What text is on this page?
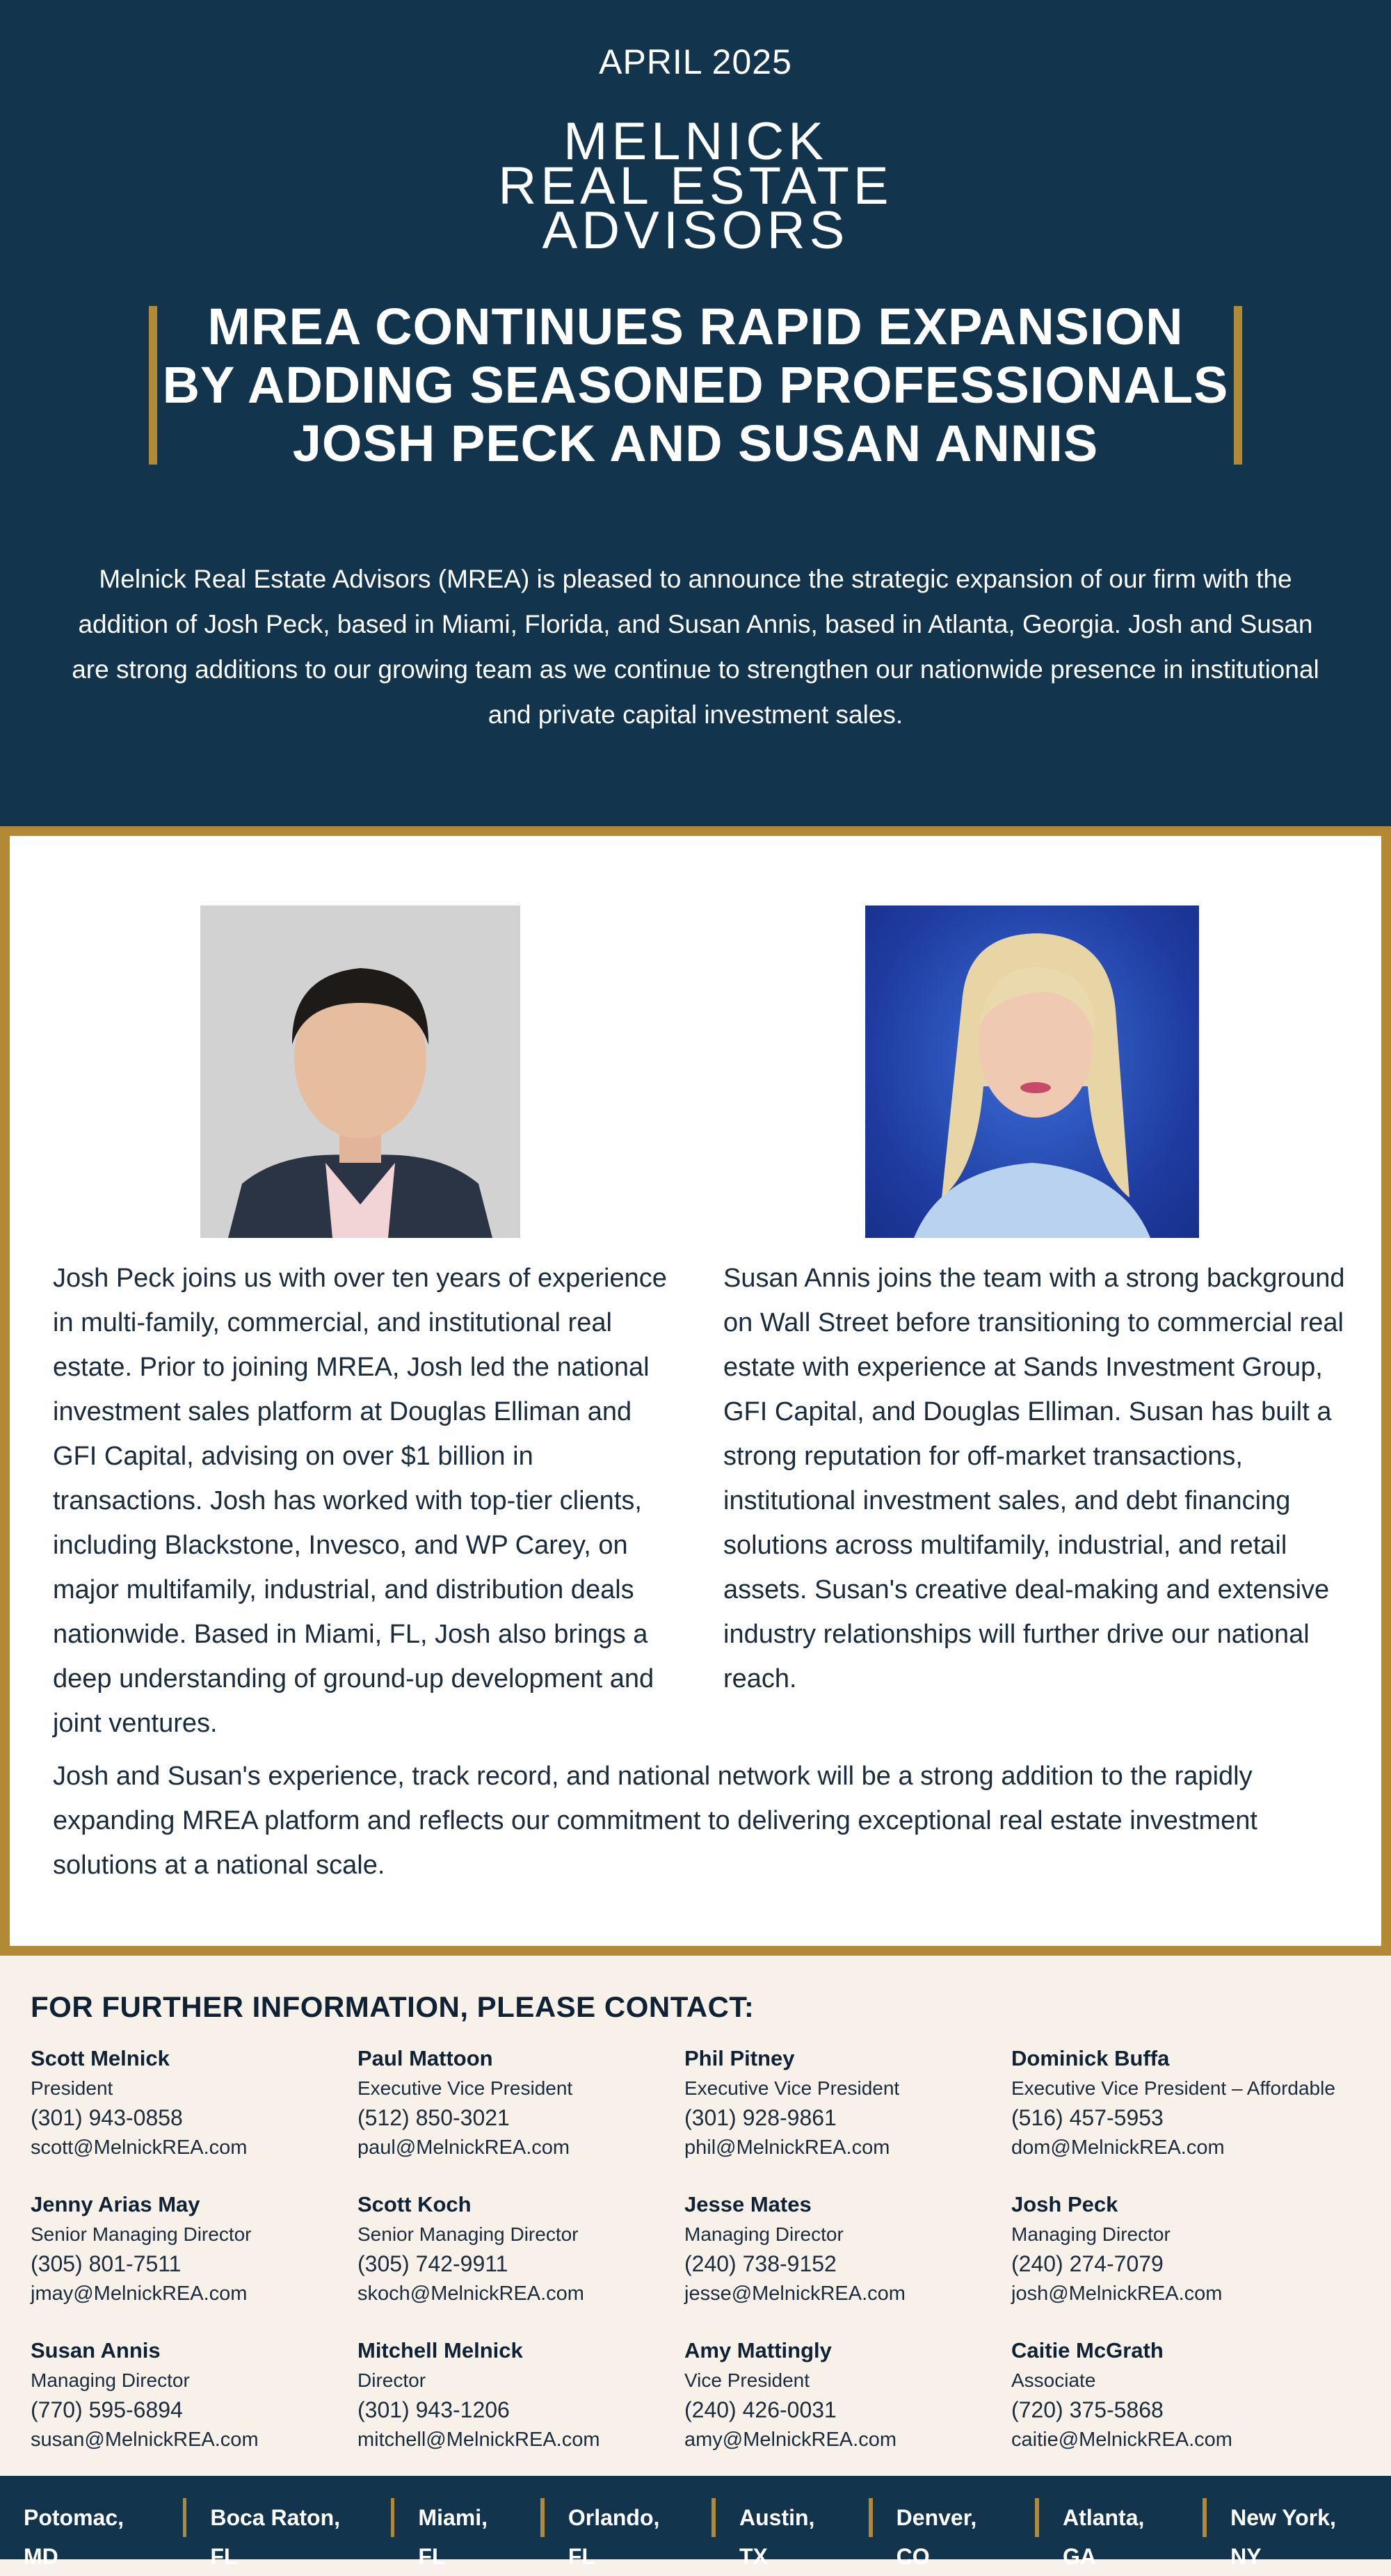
APRIL 2025
MELNICK
REAL ESTATE
ADVISORS
MREA CONTINUES RAPID EXPANSION
BY ADDING SEASONED PROFESSIONALS
JOSH PECK AND SUSAN ANNIS

Melnick Real Estate Advisors (MREA) is pleased to announce the strategic expansion of our firm with the addition of Josh Peck, based in Miami, Florida, and Susan Annis, based in Atlanta, Georgia. Josh and Susan are strong additions to our growing team as we continue to strengthen our nationwide presence in institutional and private capital investment sales.

Josh Peck joins us with over ten years of experience in multi-family, commercial, and institutional real estate. Prior to joining MREA, Josh led the national investment sales platform at Douglas Elliman and GFI Capital, advising on over $1 billion in transactions. Josh has worked with top-tier clients, including Blackstone, Invesco, and WP Carey, on major multifamily, industrial, and distribution deals nationwide. Based in Miami, FL, Josh also brings a deep understanding of ground-up development and joint ventures.

Susan Annis joins the team with a strong background on Wall Street before transitioning to commercial real estate with experience at Sands Investment Group, GFI Capital, and Douglas Elliman. Susan has built a strong reputation for off-market transactions, institutional investment sales, and debt financing solutions across multifamily, industrial, and retail assets. Susan's creative deal-making and extensive industry relationships will further drive our national reach.

Josh and Susan's experience, track record, and national network will be a strong addition to the rapidly expanding MREA platform and reflects our commitment to delivering exceptional real estate investment solutions at a national scale.

FOR FURTHER INFORMATION, PLEASE CONTACT:
Scott Melnick
President
(301) 943-0858
scott@MelnickREA.com
Paul Mattoon
Executive Vice President
(512) 850-3021
paul@MelnickREA.com
Phil Pitney
Executive Vice President
(301) 928-9861
phil@MelnickREA.com
Dominick Buffa
Executive Vice President – Affordable
(516) 457-5953
dom@MelnickREA.com
Jenny Arias May
Senior Managing Director
(305) 801-7511
jmay@MelnickREA.com
Scott Koch
Senior Managing Director
(305) 742-9911
skoch@MelnickREA.com
Jesse Mates
Managing Director
(240) 738-9152
jesse@MelnickREA.com
Josh Peck
Managing Director
(240) 274-7079
josh@MelnickREA.com
Susan Annis
Managing Director
(770) 595-6894
susan@MelnickREA.com
Mitchell Melnick
Director
(301) 943-1206
mitchell@MelnickREA.com
Amy Mattingly
Vice President
(240) 426-0031
amy@MelnickREA.com
Caitie McGrath
Associate
(720) 375-5868
caitie@MelnickREA.com
Potomac, MD
Boca Raton, FL
Miami, FL
Orlando, FL
Austin, TX
Denver, CO
Atlanta, GA
New York, NY
